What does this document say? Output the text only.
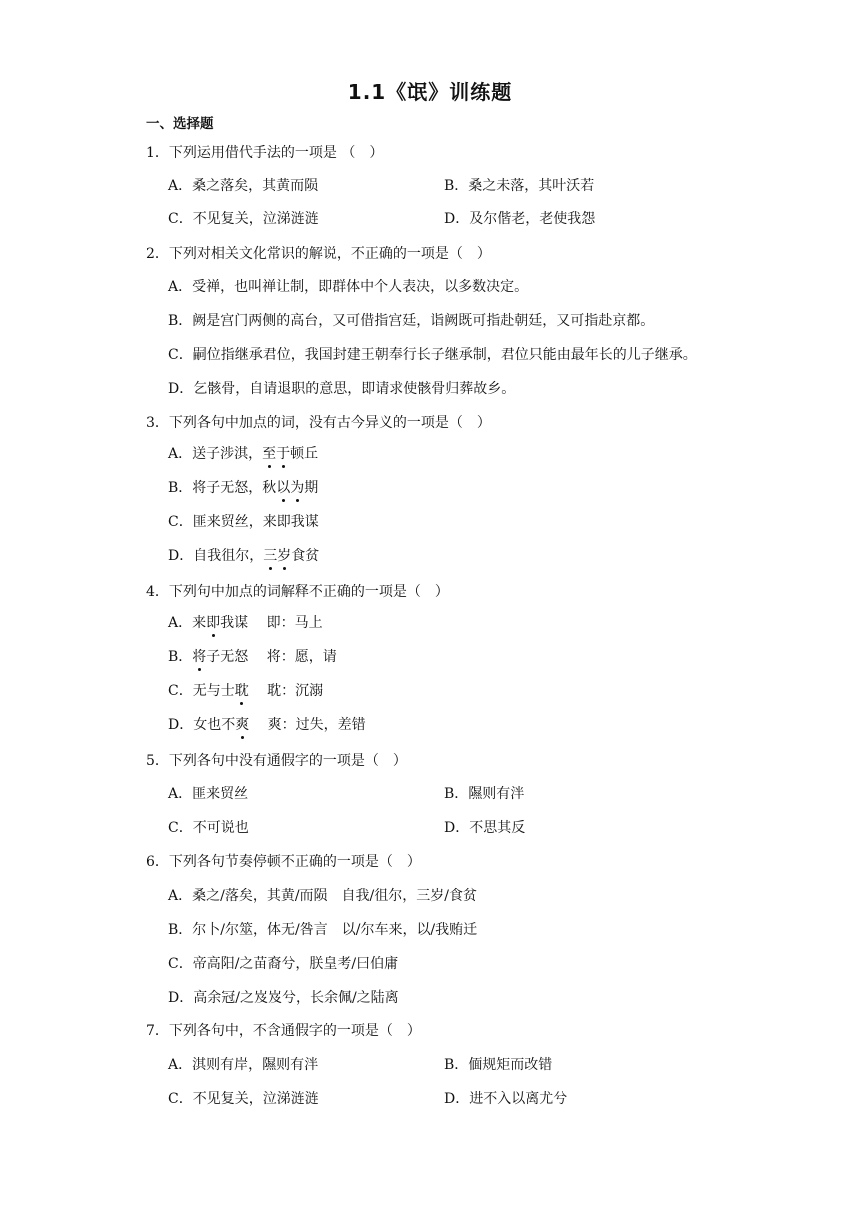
1.1《氓》训练题
一、选择题
1．下列运用借代手法的一项是 （　）
A．桑之落矣，其黄而陨	B．桑之未落，其叶沃若
C．不见复关，泣涕涟涟	D．及尔偕老，老使我怨
2．下列对相关文化常识的解说，不正确的一项是（　）
A．受禅，也叫禅让制，即群体中个人表决，以多数决定。
B．阙是宫门两侧的高台，又可借指宫廷，诣阙既可指赴朝廷，又可指赴京都。
C．嗣位指继承君位，我国封建王朝奉行长子继承制，君位只能由最年长的儿子继承。
D．乞骸骨，自请退职的意思，即请求使骸骨归葬故乡。
3．下列各句中加点的词，没有古今异义的一项是（　）
A．送子涉淇，至于顿丘
B．将子无怒，秋以为期
C．匪来贸丝，来即我谋
D．自我徂尔，三岁食贫
4．下列句中加点的词解释不正确的一项是（　）
A．来即我谋　 即：马上
B．将子无怒　 将：愿，请
C．无与士耽　 耽：沉溺
D．女也不爽　 爽：过失，差错
5．下列各句中没有通假字的一项是（　）
A．匪来贸丝	B．隰则有泮
C．不可说也	D．不思其反
6．下列各句节奏停顿不正确的一项是（　）
A．桑之/落矣，其黄/而陨　自我/徂尔，三岁/食贫
B．尔卜/尔筮，体无/咎言　以/尔车来，以/我贿迁
C．帝高阳/之苗裔兮，朕皇考/曰伯庸
D．高余冠/之岌岌兮，长余佩/之陆离
7．下列各句中，不含通假字的一项是（　）
A．淇则有岸，隰则有泮	B．偭规矩而改错
C．不见复关，泣涕涟涟	D．进不入以离尤兮
